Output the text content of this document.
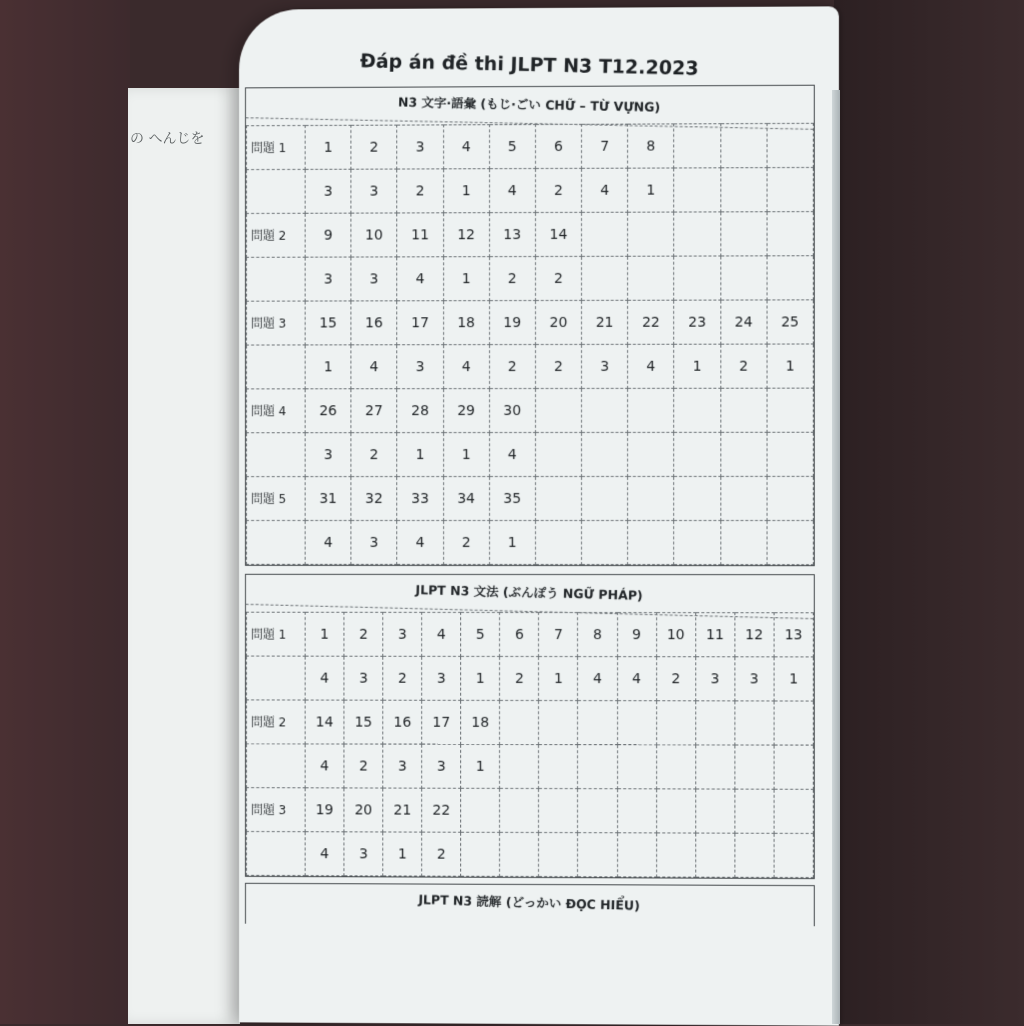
の へんじを
Đáp án đề thi JLPT N3 T12.2023
N3 文字·語彙 (もじ·ごい CHỮ – TỪ VỰNG)
問題 1	1	2	3	4	5	6	7	8			
	3	3	2	1	4	2	4	1			
問題 2	9	10	11	12	13	14					
	3	3	4	1	2	2					
問題 3	15	16	17	18	19	20	21	22	23	24	25
	1	4	3	4	2	2	3	4	1	2	1
問題 4	26	27	28	29	30						
	3	2	1	1	4						
問題 5	31	32	33	34	35						
	4	3	4	2	1						
JLPT N3 文法 (ぶんぽう NGỮ PHÁP)
問題 1	1	2	3	4	5	6	7	8	9	10	11	12	13
	4	3	2	3	1	2	1	4	4	2	3	3	1
問題 2	14	15	16	17	18								
	4	2	3	3	1								
問題 3	19	20	21	22									
	4	3	1	2									
JLPT N3 読解 (どっかい ĐỌC HIỂU)
